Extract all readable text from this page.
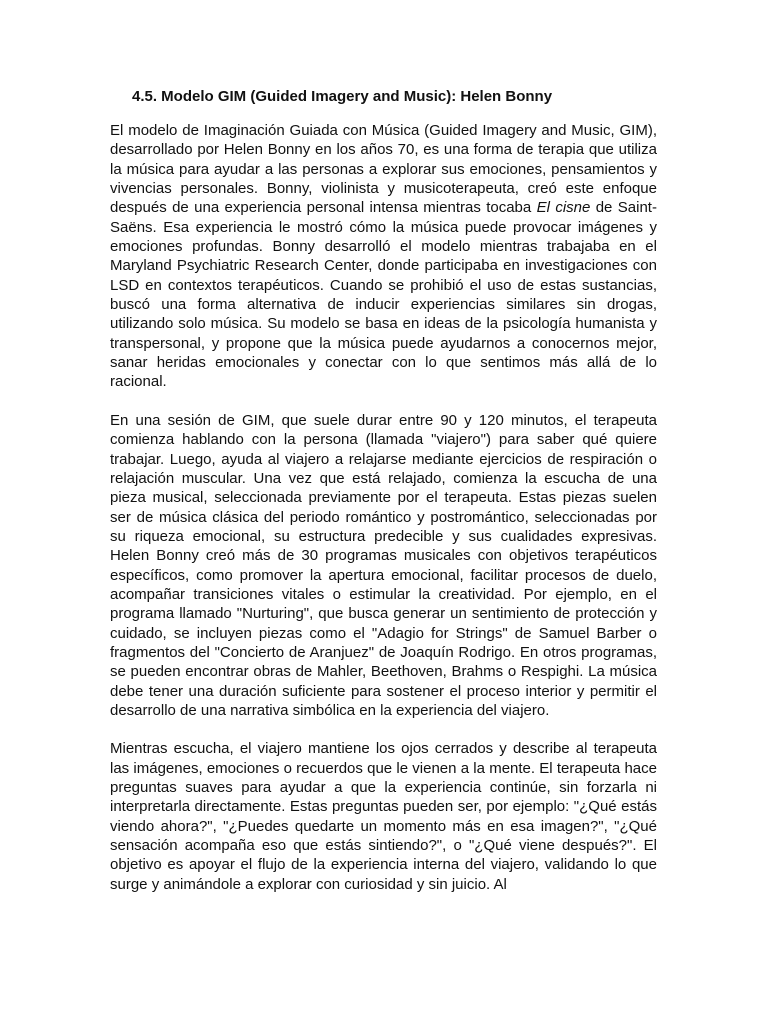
4.5. Modelo GIM (Guided Imagery and Music): Helen Bonny

El modelo de Imaginación Guiada con Música (Guided Imagery and Music, GIM), desarrollado por Helen Bonny en los años 70, es una forma de terapia que utiliza la música para ayudar a las personas a explorar sus emociones, pensamientos y vivencias personales. Bonny, violinista y musicoterapeuta, creó este enfoque después de una experiencia personal intensa mientras tocaba El cisne de Saint-Saëns. Esa experiencia le mostró cómo la música puede provocar imágenes y emociones profundas. Bonny desarrolló el modelo mientras trabajaba en el Maryland Psychiatric Research Center, donde participaba en investigaciones con LSD en contextos terapéuticos. Cuando se prohibió el uso de estas sustancias, buscó una forma alternativa de inducir experiencias similares sin drogas, utilizando solo música. Su modelo se basa en ideas de la psicología humanista y transpersonal, y propone que la música puede ayudarnos a conocernos mejor, sanar heridas emocionales y conectar con lo que sentimos más allá de lo racional.

En una sesión de GIM, que suele durar entre 90 y 120 minutos, el terapeuta comienza hablando con la persona (llamada "viajero") para saber qué quiere trabajar. Luego, ayuda al viajero a relajarse mediante ejercicios de respiración o relajación muscular. Una vez que está relajado, comienza la escucha de una pieza musical, seleccionada previamente por el terapeuta. Estas piezas suelen ser de música clásica del periodo romántico y postromántico, seleccionadas por su riqueza emocional, su estructura predecible y sus cualidades expresivas. Helen Bonny creó más de 30 programas musicales con objetivos terapéuticos específicos, como promover la apertura emocional, facilitar procesos de duelo, acompañar transiciones vitales o estimular la creatividad. Por ejemplo, en el programa llamado "Nurturing", que busca generar un sentimiento de protección y cuidado, se incluyen piezas como el "Adagio for Strings" de Samuel Barber o fragmentos del "Concierto de Aranjuez" de Joaquín Rodrigo. En otros programas, se pueden encontrar obras de Mahler, Beethoven, Brahms o Respighi. La música debe tener una duración suficiente para sostener el proceso interior y permitir el desarrollo de una narrativa simbólica en la experiencia del viajero.

Mientras escucha, el viajero mantiene los ojos cerrados y describe al terapeuta las imágenes, emociones o recuerdos que le vienen a la mente. El terapeuta hace preguntas suaves para ayudar a que la experiencia continúe, sin forzarla ni interpretarla directamente. Estas preguntas pueden ser, por ejemplo: "¿Qué estás viendo ahora?", "¿Puedes quedarte un momento más en esa imagen?", "¿Qué sensación acompaña eso que estás sintiendo?", o "¿Qué viene después?". El objetivo es apoyar el flujo de la experiencia interna del viajero, validando lo que surge y animándole a explorar con curiosidad y sin juicio. Al
